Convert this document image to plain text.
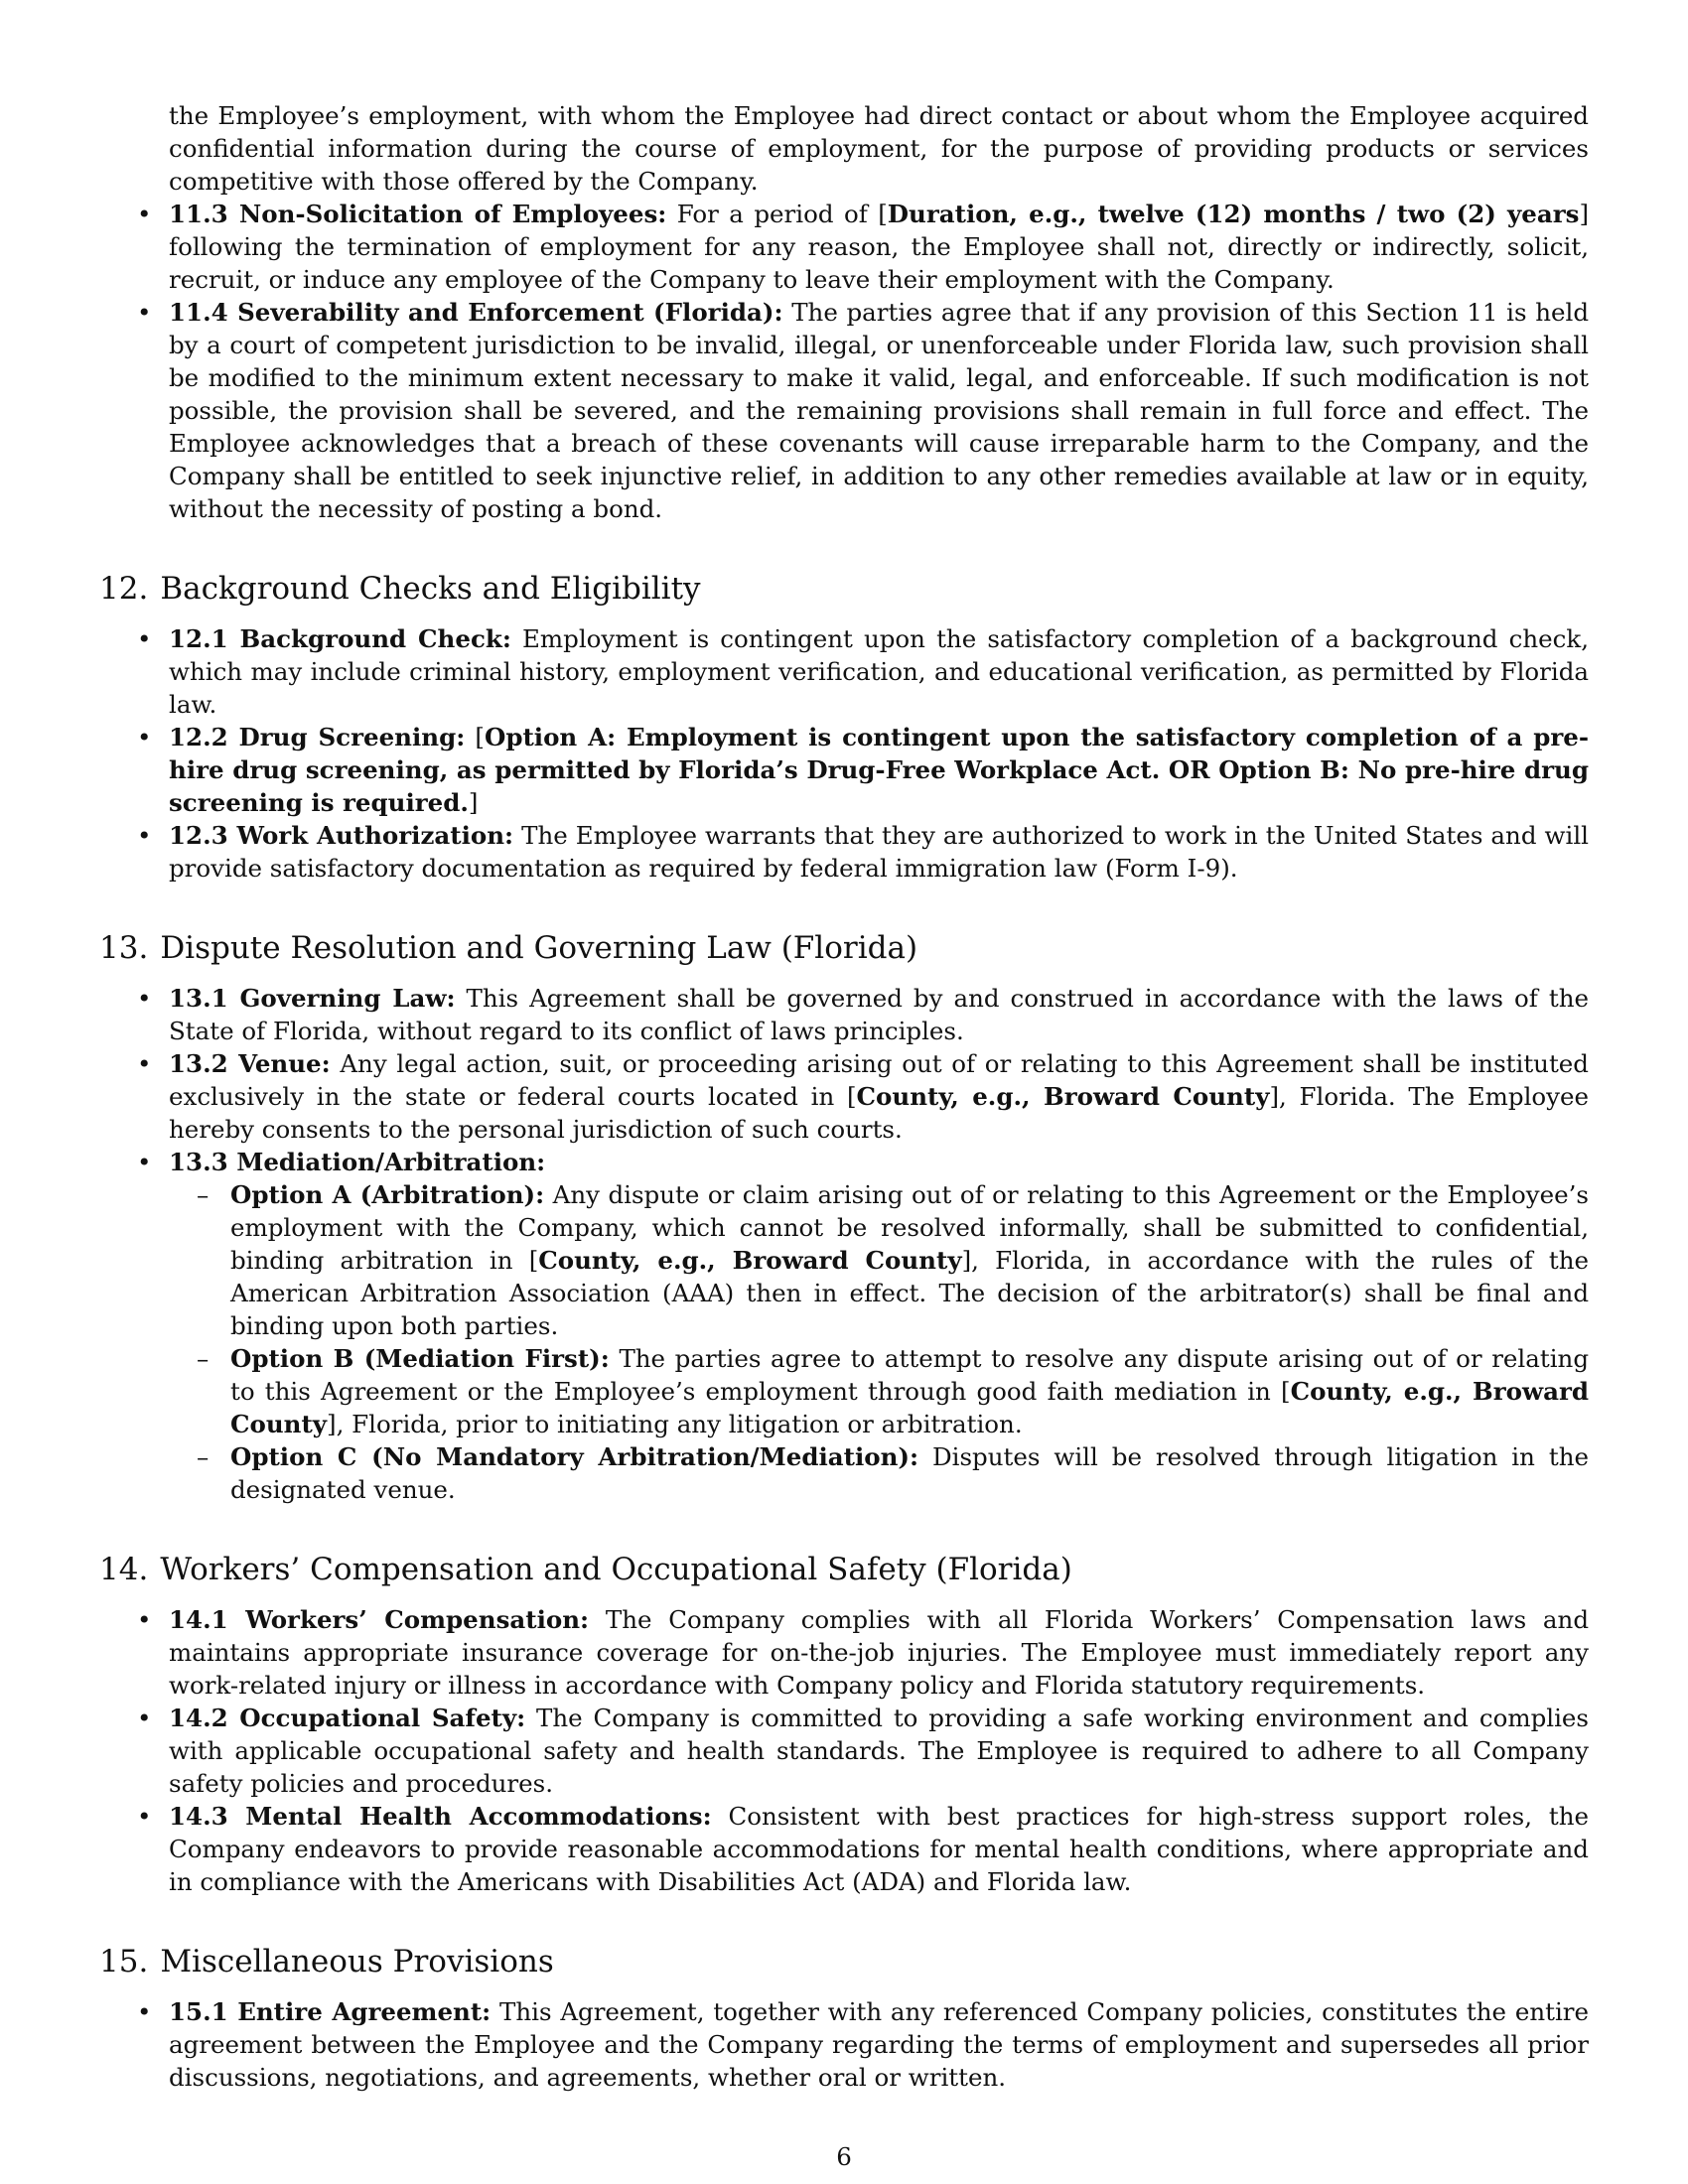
the Employee’s employment, with whom the Employee had direct contact or about whom the Employee acquired confidential information during the course of employment, for the purpose of providing products or services competitive with those offered by the Company.

• 11.3 Non-Solicitation of Employees: For a period of [Duration, e.g., twelve (12) months / two (2) years] following the termination of employment for any reason, the Employee shall not, directly or indirectly, solicit, recruit, or induce any employee of the Company to leave their employment with the Company.
• 11.4 Severability and Enforcement (Florida): The parties agree that if any provision of this Section 11 is held by a court of competent jurisdiction to be invalid, illegal, or unenforceable under Florida law, such provision shall be modified to the minimum extent necessary to make it valid, legal, and enforceable. If such modification is not possible, the provision shall be severed, and the remaining provisions shall remain in full force and effect. The Employee acknowledges that a breach of these covenants will cause irreparable harm to the Company, and the Company shall be entitled to seek injunctive relief, in addition to any other remedies available at law or in equity, without the necessity of posting a bond.
12. Background Checks and Eligibility
• 12.1 Background Check: Employment is contingent upon the satisfactory completion of a background check, which may include criminal history, employment verification, and educational verification, as permitted by Florida law.
• 12.2 Drug Screening: [Option A: Employment is contingent upon the satisfactory completion of a pre-hire drug screening, as permitted by Florida’s Drug-Free Workplace Act. OR Option B: No pre-hire drug screening is required.]
• 12.3 Work Authorization: The Employee warrants that they are authorized to work in the United States and will provide satisfactory documentation as required by federal immigration law (Form I-9).
13. Dispute Resolution and Governing Law (Florida)
• 13.1 Governing Law: This Agreement shall be governed by and construed in accordance with the laws of the State of Florida, without regard to its conflict of laws principles.
• 13.2 Venue: Any legal action, suit, or proceeding arising out of or relating to this Agreement shall be instituted exclusively in the state or federal courts located in [County, e.g., Broward County], Florida. The Employee hereby consents to the personal jurisdiction of such courts.
• 13.3 Mediation/Arbitration:
– Option A (Arbitration): Any dispute or claim arising out of or relating to this Agreement or the Employee’s employment with the Company, which cannot be resolved informally, shall be submitted to confidential, binding arbitration in [County, e.g., Broward County], Florida, in accordance with the rules of the American Arbitration Association (AAA) then in effect. The decision of the arbitrator(s) shall be final and binding upon both parties.
– Option B (Mediation First): The parties agree to attempt to resolve any dispute arising out of or relating to this Agreement or the Employee’s employment through good faith mediation in [County, e.g., Broward County], Florida, prior to initiating any litigation or arbitration.
– Option C (No Mandatory Arbitration/Mediation): Disputes will be resolved through litigation in the designated venue.
14. Workers’ Compensation and Occupational Safety (Florida)
• 14.1 Workers’ Compensation: The Company complies with all Florida Workers’ Compensation laws and maintains appropriate insurance coverage for on-the-job injuries. The Employee must immediately report any work-related injury or illness in accordance with Company policy and Florida statutory requirements.
• 14.2 Occupational Safety: The Company is committed to providing a safe working environment and complies with applicable occupational safety and health standards. The Employee is required to adhere to all Company safety policies and procedures.
• 14.3 Mental Health Accommodations: Consistent with best practices for high-stress support roles, the Company endeavors to provide reasonable accommodations for mental health conditions, where appropriate and in compliance with the Americans with Disabilities Act (ADA) and Florida law.
15. Miscellaneous Provisions
• 15.1 Entire Agreement: This Agreement, together with any referenced Company policies, constitutes the entire agreement between the Employee and the Company regarding the terms of employment and supersedes all prior discussions, negotiations, and agreements, whether oral or written.
6
